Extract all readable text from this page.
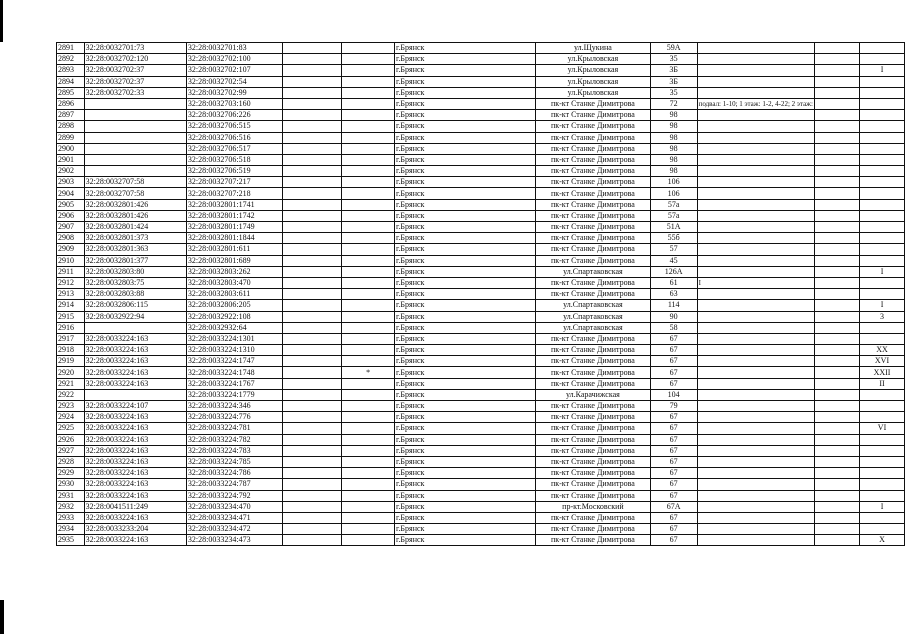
2891	32:28:0032701:73	32:28:0032701:83			г.Брянск	ул.Щукина	59А			
2892	32:28:0032702:120	32:28:0032702:100			г.Брянск	ул.Крыловская	35			
2893	32:28:0032702:37	32:28:0032702:107			г.Брянск	ул.Крыловская	3Б			I
2894	32:28:0032702:37	32:28:0032702:54			г.Брянск	ул.Крыловская	3Б			
2895	32:28:0032702:33	32:28:0032702:99			г.Брянск	ул.Крыловская	35			
2896		32:28:0032703:160			г.Брянск	пк-кт Станке Димитрова	72	подвал: 1-10; 1 этаж: 1-2, 4-22; 2 этаж:		
2897		32:28:0032706:226			г.Брянск	пк-кт Станке Димитрова	98			
2898		32:28:0032706:515			г.Брянск	пк-кт Станке Димитрова	98			
2899		32:28:0032706:516			г.Брянск	пк-кт Станке Димитрова	98			
2900		32:28:0032706:517			г.Брянск	пк-кт Станке Димитрова	98			
2901		32:28:0032706:518			г.Брянск	пк-кт Станке Димитрова	98			
2902		32:28:0032706:519			г.Брянск	пк-кт Станке Димитрова	98			
2903	32:28:0032707:58	32:28:0032707:217			г.Брянск	пк-кт Станке Димитрова	106			
2904	32:28:0032707:58	32:28:0032707:218			г.Брянск	пк-кт Станке Димитрова	106			
2905	32:28:0032801:426	32:28:0032801:1741			г.Брянск	пк-кт Станке Димитрова	57а			
2906	32:28:0032801:426	32:28:0032801:1742			г.Брянск	пк-кт Станке Димитрова	57а			
2907	32:28:0032801:424	32:28:0032801:1749			г.Брянск	пк-кт Станке Димитрова	51А			
2908	32:28:0032801:373	32:28:0032801:1844			г.Брянск	пк-кт Станке Димитрова	55б			
2909	32:28:0032801:363	32:28:0032801:611			г.Брянск	пк-кт Станке Димитрова	57			
2910	32:28:0032801:377	32:28:0032801:689			г.Брянск	пк-кт Станке Димитрова	45			
2911	32:28:0032803:80	32:28:0032803:262			г.Брянск	ул.Спартаковская	126А			I
2912	32:28:0032803:75	32:28:0032803:470			г.Брянск	пк-кт Станке Димитрова	61	I		
2913	32:28:0032803:88	32:28:0032803:611			г.Брянск	пк-кт Станке Димитрова	63			
2914	32:28:0032806:115	32:28:0032806:205			г.Брянск	ул.Спартаковская	114			I
2915	32:28:0032922:94	32:28:0032922:108			г.Брянск	ул.Спартаковская	90			3
2916		32:28:0032932:64			г.Брянск	ул.Спартаковская	58			
2917	32:28:0033224:163	32:28:0033224:1301			г.Брянск	пк-кт Станке Димитрова	67			
2918	32:28:0033224:163	32:28:0033224:1310			г.Брянск	пк-кт Станке Димитрова	67			XX
2919	32:28:0033224:163	32:28:0033224:1747			г.Брянск	пк-кт Станке Димитрова	67			XVI
2920	32:28:0033224:163	32:28:0033224:1748		*	г.Брянск	пк-кт Станке Димитрова	67			XXII
2921	32:28:0033224:163	32:28:0033224:1767			г.Брянск	пк-кт Станке Димитрова	67			II
2922		32:28:0033224:1779			г.Брянск	ул.Карачижская	104			
2923	32:28:0033224:107	32:28:0033224:346			г.Брянск	пк-кт Станке Димитрова	79			
2924	32:28:0033224:163	32:28:0033224:776			г.Брянск	пк-кт Станке Димитрова	67			
2925	32:28:0033224:163	32:28:0033224:781			г.Брянск	пк-кт Станке Димитрова	67			VI
2926	32:28:0033224:163	32:28:0033224:782			г.Брянск	пк-кт Станке Димитрова	67			
2927	32:28:0033224:163	32:28:0033224:783			г.Брянск	пк-кт Станке Димитрова	67			
2928	32:28:0033224:163	32:28:0033224:785			г.Брянск	пк-кт Станке Димитрова	67			
2929	32:28:0033224:163	32:28:0033224:786			г.Брянск	пк-кт Станке Димитрова	67			
2930	32:28:0033224:163	32:28:0033224:787			г.Брянск	пк-кт Станке Димитрова	67			
2931	32:28:0033224:163	32:28:0033224:792			г.Брянск	пк-кт Станке Димитрова	67			
2932	32:28:0041511:249	32:28:0033234:470			г.Брянск	пр-кт.Московский	67А			I
2933	32:28:0033224:163	32:28:0033234:471			г.Брянск	пк-кт Станке Димитрова	67			
2934	32:28:0033233:204	32:28:0033234:472			г.Брянск	пк-кт Станке Димитрова	67			
2935	32:28:0033224:163	32:28:0033234:473			г.Брянск	пк-кт Станке Димитрова	67			X
